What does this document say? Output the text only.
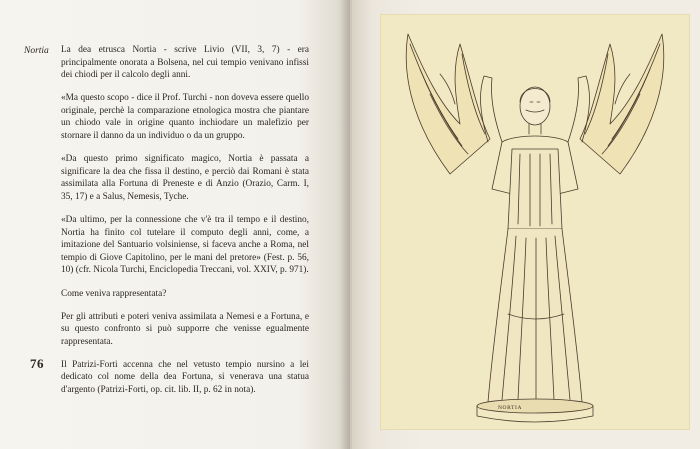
Nortia
76

La dea etrusca Nortia - scrive Livio (VII, 3, 7) - era principalmente onorata a Bolsena, nel cui tempio venivano infissi dei chiodi per il calcolo degli anni.

«Ma questo scopo - dice il Prof. Turchi - non doveva essere quello originale, perchè la comparazione etnologica mostra che piantare un chiodo vale in origine quanto inchiodare un malefizio per stornare il danno da un individuo o da un gruppo.

«Da questo primo significato magico, Nortia è passata a significare la dea che fissa il destino, e perciò dai Romani è stata assimilata alla Fortuna di Preneste e di Anzio (Orazio, Carm. I, 35, 17) e a Salus, Nemesis, Tyche.

«Da ultimo, per la connessione che v'è tra il tempo e il destino, Nortia ha finito col tutelare il computo degli anni, come, a imitazione del Santuario volsiniense, si faceva anche a Roma, nel tempio di Giove Capitolino, per le mani del pretore» (Fest. p. 56, 10) (cfr. Nicola Turchi, Enciclopedia Treccani, vol. XXIV, p. 971).

Come veniva rappresentata?

Per gli attributi e poteri veniva assimilata a Nemesi e a Fortuna, e su questo confronto si può supporre che venisse egualmente rappresentata.

Il Patrizi-Forti accenna che nel vetusto tempio nursino a lei dedicato col nome della dea Fortuna, si venerava una statua d'argento (Patrizi-Forti, op. cit. lib. II, p. 62 in nota).

NORTIA
